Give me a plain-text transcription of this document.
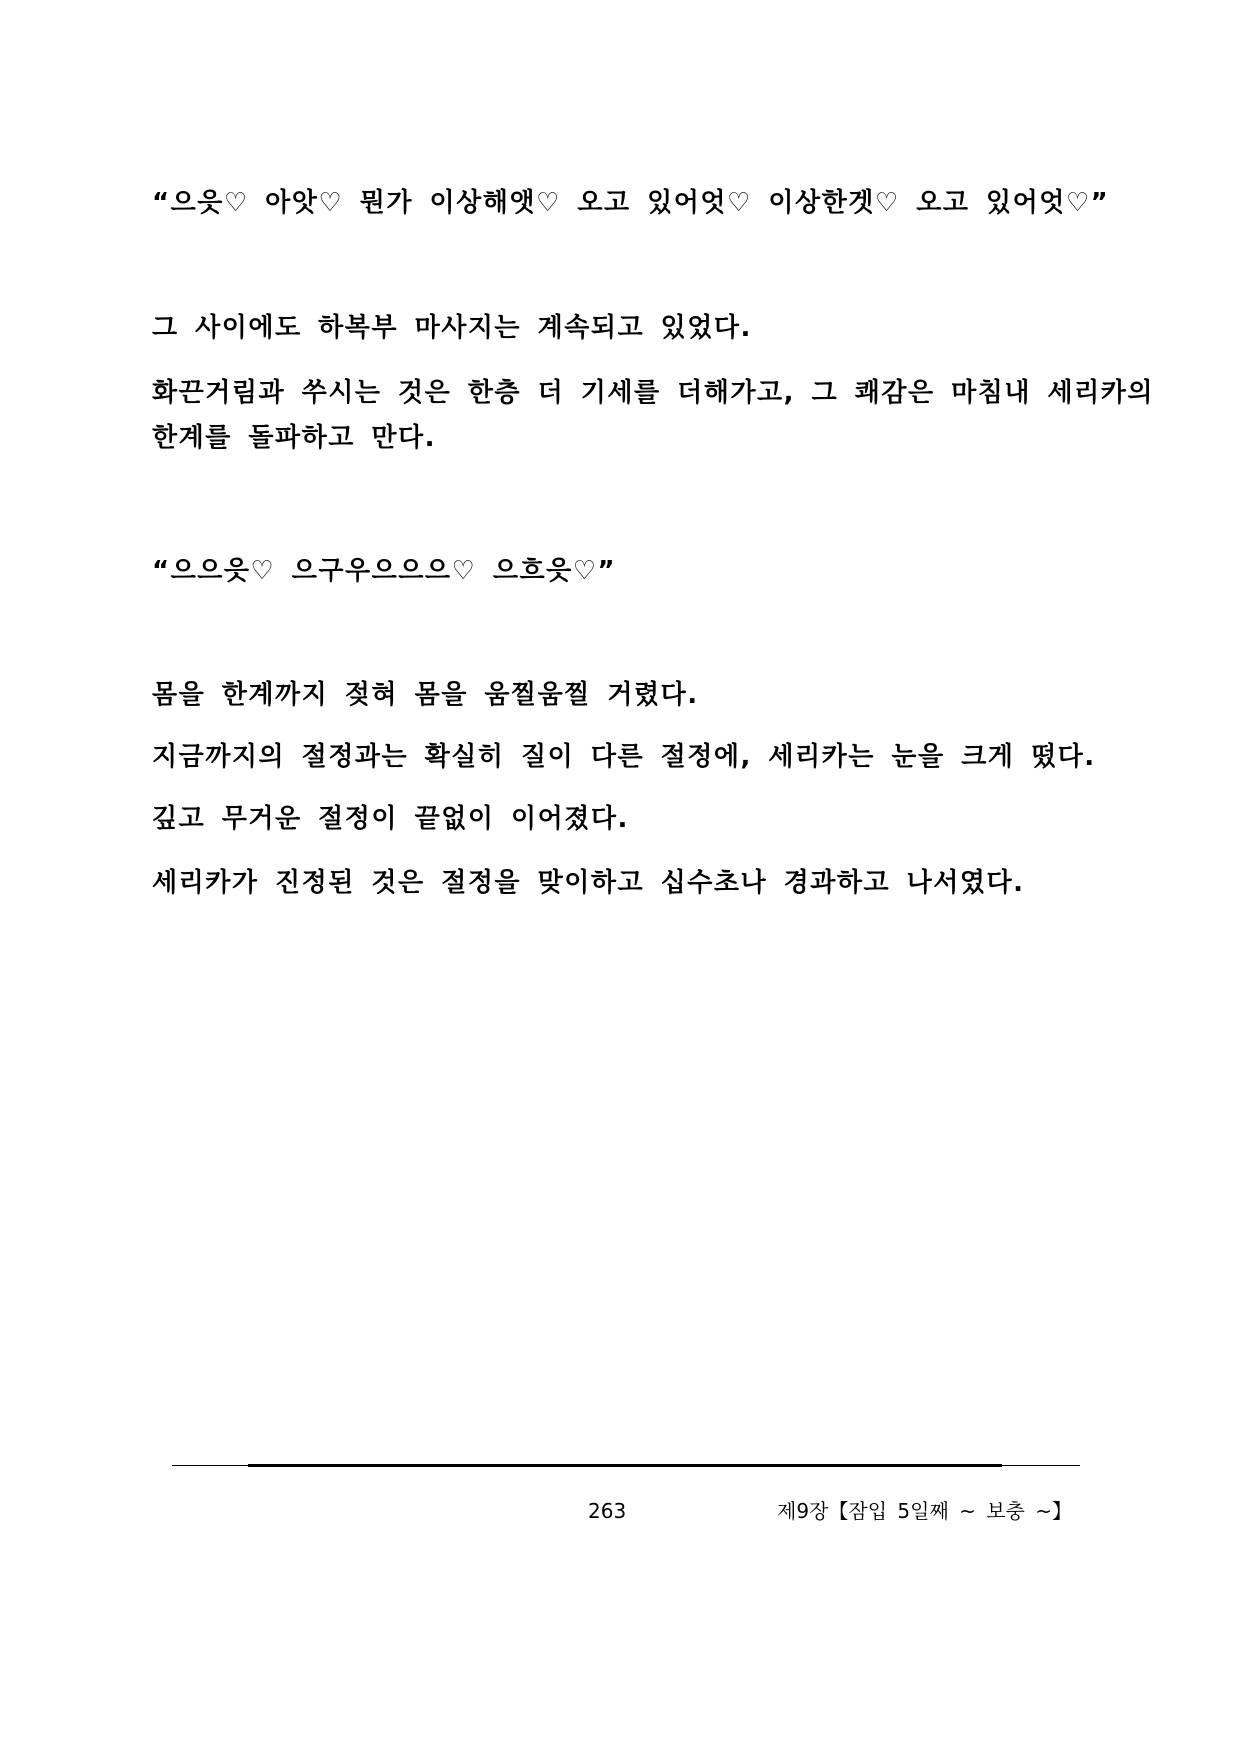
“으읏♡ 아앗♡ 뭔가 이상해앳♡ 오고 있어엇♡ 이상한겟♡ 오고 있어엇♡”
그 사이에도 하복부 마사지는 계속되고 있었다.
화끈거림과 쑤시는 것은 한층 더 기세를 더해가고, 그 쾌감은 마침내 세리카의
한계를 돌파하고 만다.
“으으읏♡ 으구우으으으♡ 으흐읏♡”
몸을 한계까지 젖혀 몸을 움찔움찔 거렸다.
지금까지의 절정과는 확실히 질이 다른 절정에, 세리카는 눈을 크게 떴다.
깊고 무거운 절정이 끝없이 이어졌다.
세리카가 진정된 것은 절정을 맞이하고 십수초나 경과하고 나서였다.
263	제9장【잠입 5일째 ~ 보충 ~】
